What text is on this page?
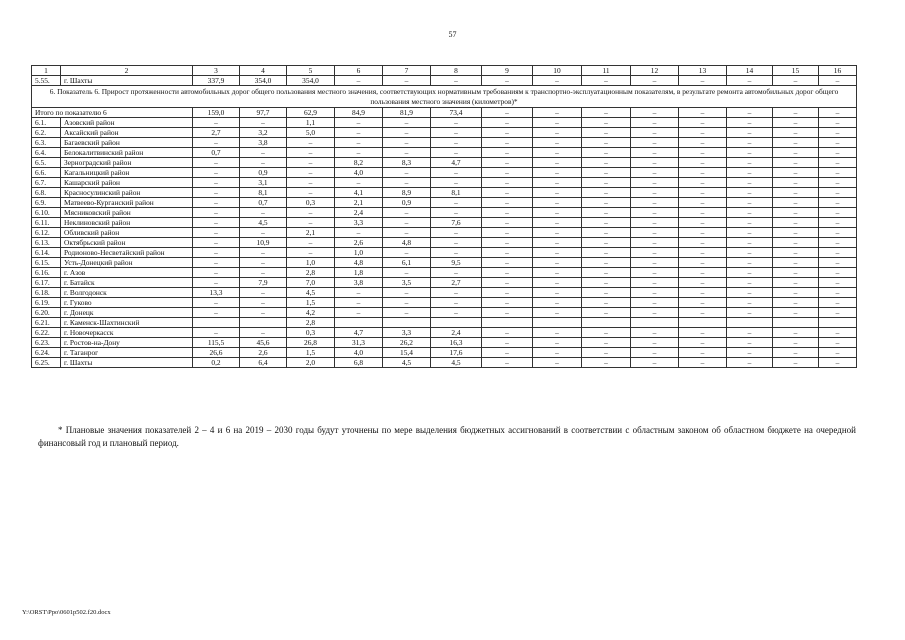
57
1	2	3	4	5	6	7	8	9	10	11	12	13	14	15	16
5.55.	г. Шахты	337,9	354,0	354,0	–	–	–	–	–	–	–	–	–	–	–
6. Показатель 6. Прирост протяженности автомобильных дорог общего пользования местного значения, соответствующих нормативным требованиям к транспортно-эксплуатационным показателям, в результате ремонта автомобильных дорог общего пользования местного значения (километров)*															
Итого по показателю 6		159,0	97,7	62,9	84,9	81,9	73,4	–	–	–	–	–	–	–	–
6.1.	Азовский район	–	–	1,1	–	–	–	–	–	–	–	–	–	–	–
6.2.	Аксайский район	2,7	3,2	5,0	–	–	–	–	–	–	–	–	–	–	–
6.3.	Багаевский район	–	3,8	–	–	–	–	–	–	–	–	–	–	–	–
6.4.	Белокалитвинский район	0,7	–	–	–	–	–	–	–	–	–	–	–	–	–
6.5.	Зерноградский район	–	–	–	8,2	8,3	4,7	–	–	–	–	–	–	–	–
6.6.	Кагальницкий район	–	0,9	–	4,0	–	–	–	–	–	–	–	–	–	–
6.7.	Кашарский район	–	3,1	–	–	–	–	–	–	–	–	–	–	–	–
6.8.	Красносулинский район	–	8,1	–	4,1	8,9	8,1	–	–	–	–	–	–	–	–
6.9.	Матвеево-Курганский район	–	0,7	0,3	2,1	0,9	–	–	–	–	–	–	–	–	–
6.10.	Мясниковский район	–	–	–	2,4	–	–	–	–	–	–	–	–	–	–
6.11.	Неклиновский район	–	4,5	–	3,3	–	7,6	–	–	–	–	–	–	–	–
6.12.	Обливский район	–	–	2,1	–	–	–	–	–	–	–	–	–	–	–
6.13.	Октябрьский район	–	10,9	–	2,6	4,8	–	–	–	–	–	–	–	–	–
6.14.	Родионово-Несветайский район	–	–	–	1,0	–	–	–	–	–	–	–	–	–	–
6.15.	Усть-Донецкий район	–	–	1,0	4,8	6,1	9,5	–	–	–	–	–	–	–	–
6.16.	г. Азов	–	–	2,8	1,8	–	–	–	–	–	–	–	–	–	–
6.17.	г. Батайск	–	7,9	7,0	3,8	3,5	2,7	–	–	–	–	–	–	–	–
6.18.	г. Волгодонск	13,3	–	4,5	–	–	–	–	–	–	–	–	–	–	–
6.19.	г. Гуково	–	–	1,5	–	–	–	–	–	–	–	–	–	–	–
6.20.	г. Донецк	–	–	4,2	–	–	–	–	–	–	–	–	–	–	–
6.21.	г. Каменск-Шахтинский			2,8											
6.22.	г. Новочеркасск	–	–	0,3	4,7	3,3	2,4	–	–	–	–	–	–	–	–
6.23.	г. Ростов-на-Дону	115,5	45,6	26,8	31,3	26,2	16,3	–	–	–	–	–	–	–	–
6.24.	г. Таганрог	26,6	2,6	1,5	4,0	15,4	17,6	–	–	–	–	–	–	–	–
6.25.	г. Шахты	0,2	6,4	2,0	6,8	4,5	4,5	–	–	–	–	–	–	–	–
* Плановые значения показателей 2 – 4 и 6 на 2019 – 2030 годы будут уточнены по мере выделения бюджетных ассигнований в соответствии с областным законом об областном бюджете на очередной финансовый год и плановый период.
Y:\ORST\Ppo\0601p502.f20.docx
